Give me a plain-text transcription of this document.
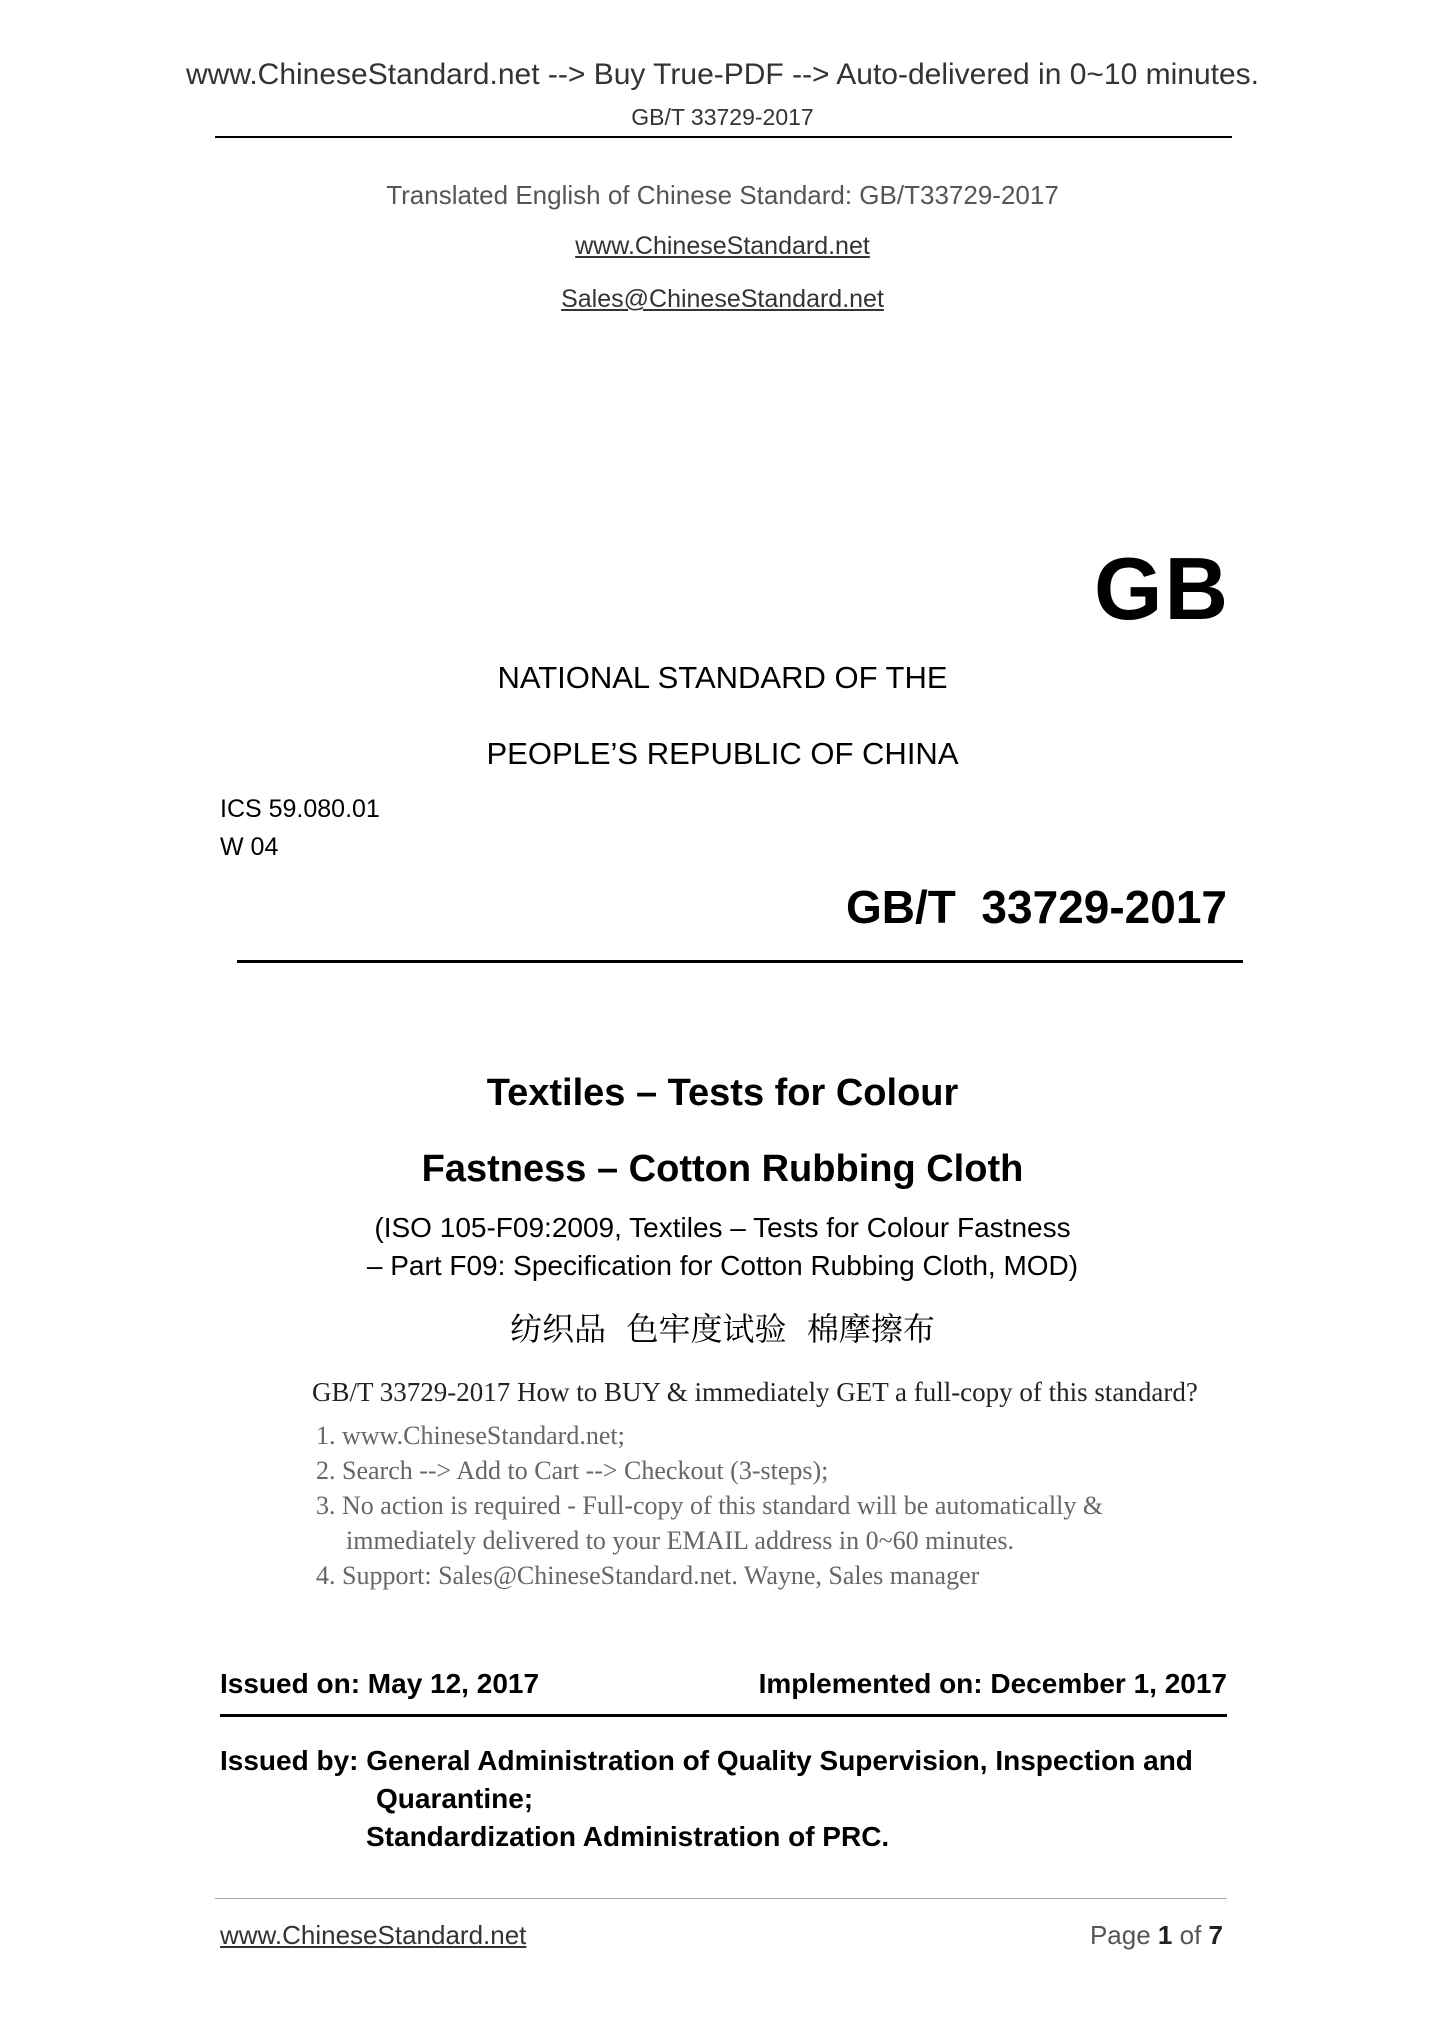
www.ChineseStandard.net --> Buy True-PDF --> Auto-delivered in 0~10 minutes.
GB/T 33729-2017
Translated English of Chinese Standard: GB/T33729-2017
www.ChineseStandard.net
Sales@ChineseStandard.net
GB
NATIONAL STANDARD OF THE
PEOPLE’S REPUBLIC OF CHINA
ICS 59.080.01
W 04
GB/T  33729-2017
Textiles – Tests for Colour
Fastness – Cotton Rubbing Cloth
(ISO 105-F09:2009, Textiles – Tests for Colour Fastness
– Part F09: Specification for Cotton Rubbing Cloth, MOD)
纺织品  色牢度试验  棉摩擦布
GB/T 33729-2017 How to BUY & immediately GET a full-copy of this standard?
1. www.ChineseStandard.net;
2. Search --> Add to Cart --> Checkout (3-steps);
3. No action is required - Full-copy of this standard will be automatically &
immediately delivered to your EMAIL address in 0~60 minutes.
4. Support: Sales@ChineseStandard.net. Wayne, Sales manager
Issued on: May 12, 2017	Implemented on: December 1, 2017
Issued by: General Administration of Quality Supervision, Inspection and
Quarantine;
Standardization Administration of PRC.
www.ChineseStandard.net	Page 1 of 7
